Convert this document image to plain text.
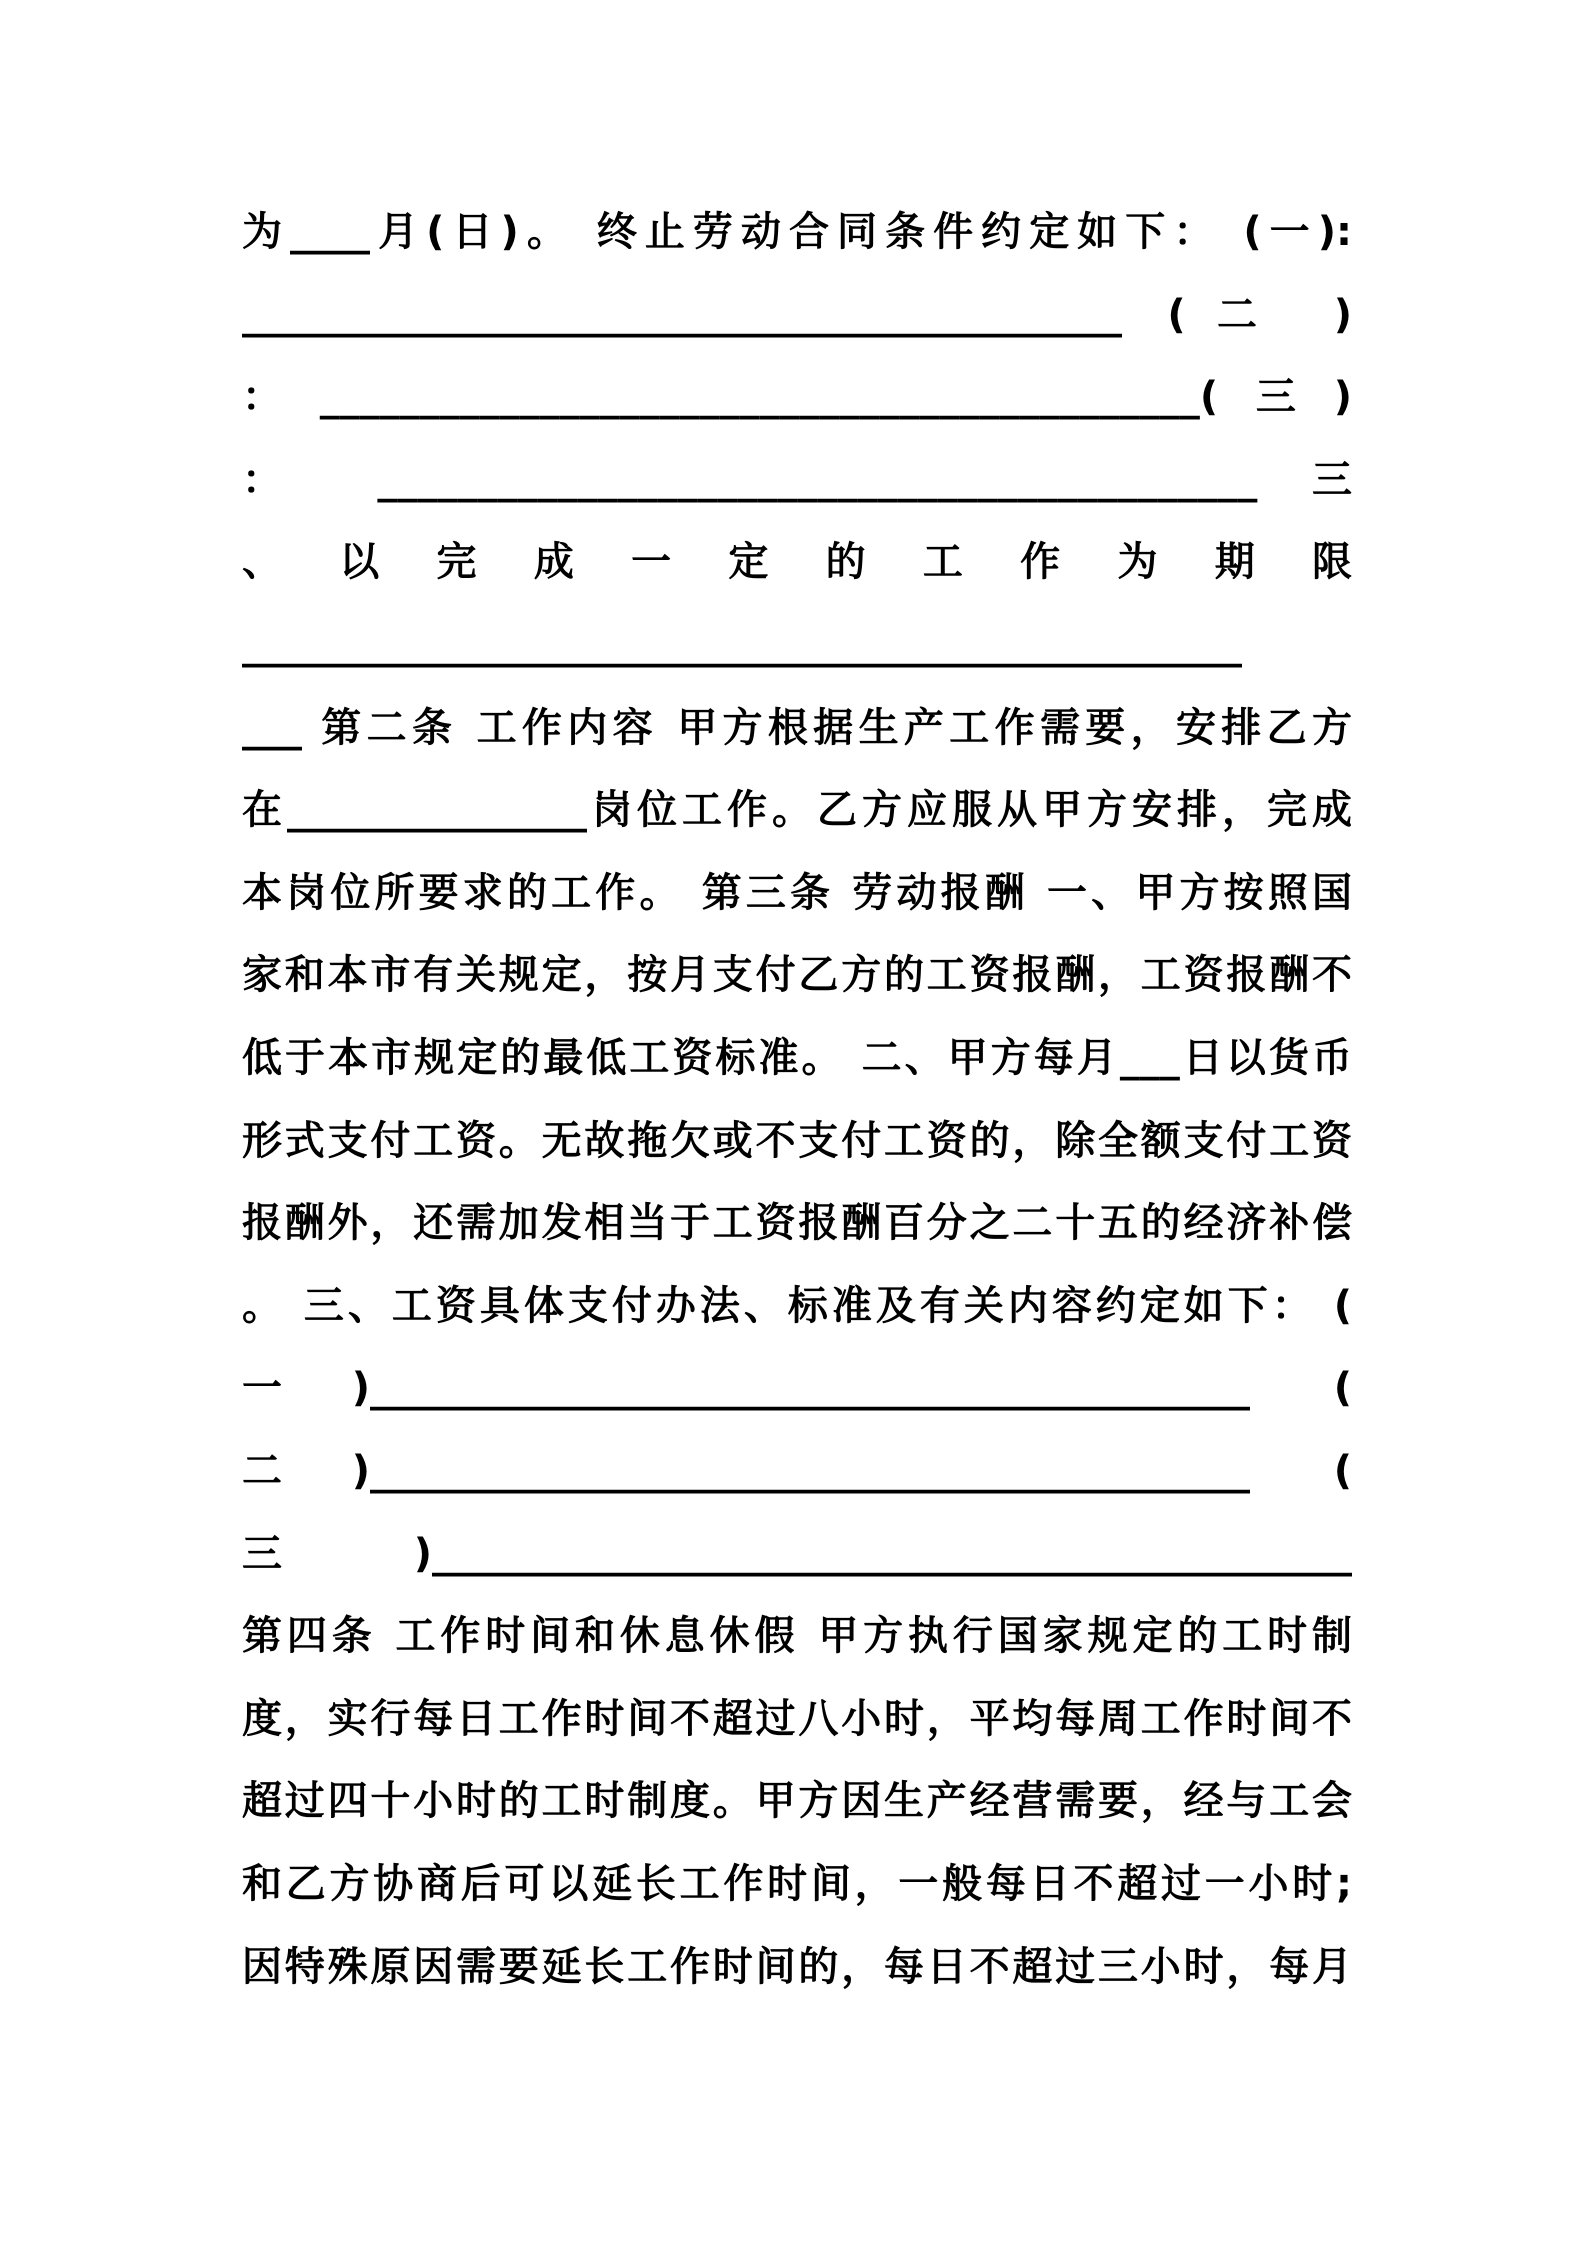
为____月(日)。 终止劳动合同条件约定如下： (一):
____________________________________________ (二 )
：____________________________________________(三)
： ____________________________________________ 三
、 以 完 成 一 定 的 工 作 为 期 限
__________________________________________________
___ 第二条 工作内容 甲方根据生产工作需要，安排乙方
在_______________岗位工作。乙方应服从甲方安排，完成
本岗位所要求的工作。 第三条 劳动报酬 一、甲方按照国
家和本市有关规定，按月支付乙方的工资报酬，工资报酬不
低于本市规定的最低工资标准。 二、甲方每月___日以货币
形式支付工资。无故拖欠或不支付工资的，除全额支付工资
报酬外，还需加发相当于工资报酬百分之二十五的经济补偿
。 三、工资具体支付办法、标准及有关内容约定如下： (
一)____________________________________________ (
二)____________________________________________ (
三 )______________________________________________
第四条 工作时间和休息休假 甲方执行国家规定的工时制
度，实行每日工作时间不超过八小时，平均每周工作时间不
超过四十小时的工时制度。甲方因生产经营需要，经与工会
和乙方协商后可以延长工作时间，一般每日不超过一小时;
因特殊原因需要延长工作时间的，每日不超过三小时，每月
